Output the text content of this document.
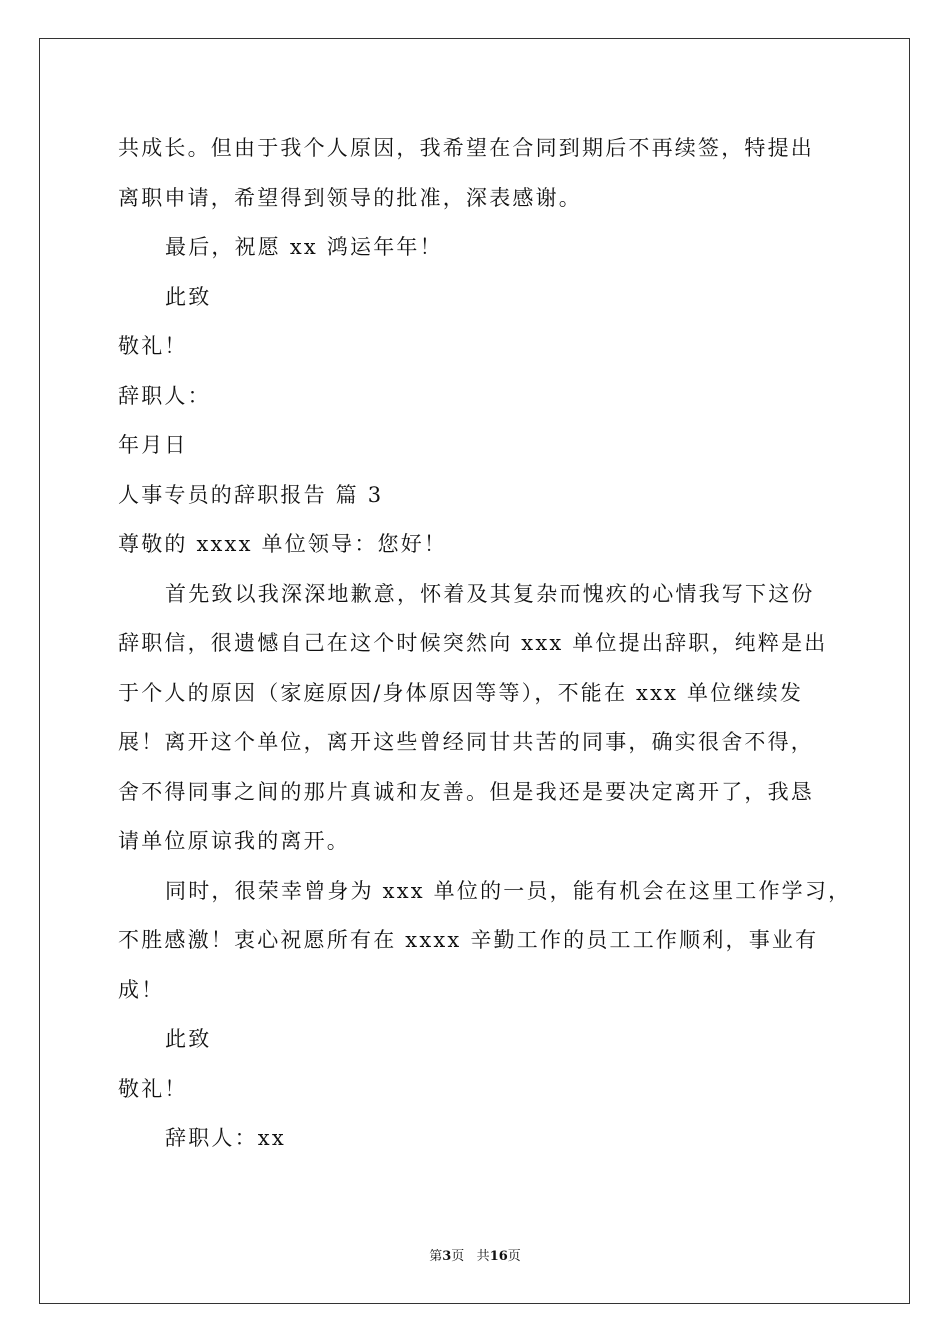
共成长。但由于我个人原因，我希望在合同到期后不再续签，特提出
离职申请，希望得到领导的批准，深表感谢。
最后，祝愿 xx 鸿运年年！
此致
敬礼！
辞职人：
年月日
人事专员的辞职报告 篇 3
尊敬的 xxxx 单位领导：您好！
首先致以我深深地歉意，怀着及其复杂而愧疚的心情我写下这份
辞职信，很遗憾自己在这个时候突然向 xxx 单位提出辞职，纯粹是出
于个人的原因（家庭原因/身体原因等等），不能在 xxx 单位继续发
展！离开这个单位，离开这些曾经同甘共苦的同事，确实很舍不得，
舍不得同事之间的那片真诚和友善。但是我还是要决定离开了，我恳
请单位原谅我的离开。
同时，很荣幸曾身为 xxx 单位的一员，能有机会在这里工作学习，
不胜感激！衷心祝愿所有在 xxxx 辛勤工作的员工工作顺利，事业有
成！
此致
敬礼！
辞职人：xx
第3页 共16页
